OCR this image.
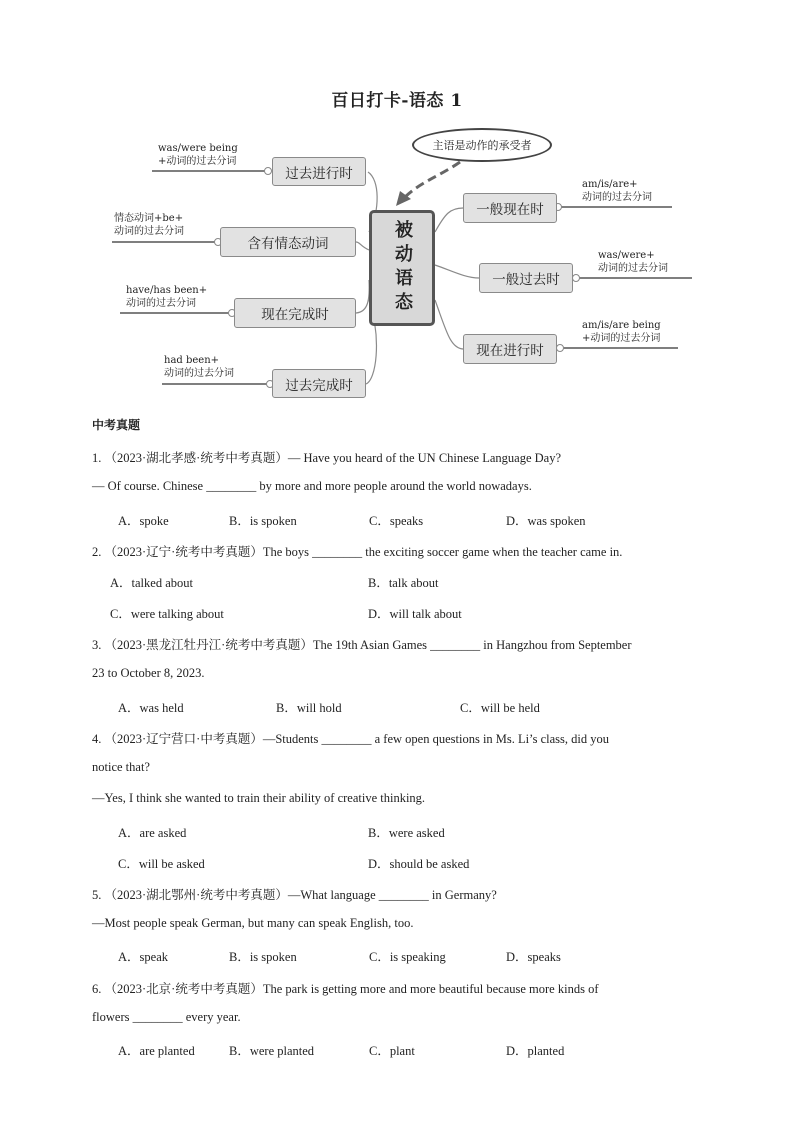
百日打卡-语态 1
主语是动作的承受者
被动语态
过去进行时
was/were being
+动词的过去分词
含有情态动词
情态动词+be+
动词的过去分词
现在完成时
have/has been+
动词的过去分词
过去完成时
had been+
动词的过去分词
一般现在时
am/is/are+
动词的过去分词
一般过去时
was/were+
动词的过去分词
现在进行时
am/is/are being
+动词的过去分词
中考真题
1. （2023·湖北孝感·统考中考真题）— Have you heard of the UN Chinese Language Day?
— Of course. Chinese ________ by more and more people around the world nowadays.
A．spoke	B．is spoken	C．speaks	D．was spoken
2. （2023·辽宁·统考中考真题）The boys ________ the exciting soccer game when the teacher came in.
A．talked about	B．talk about
C．were talking about	D．will talk about
3. （2023·黑龙江牡丹江·统考中考真题）The 19th Asian Games ________ in Hangzhou from September
23 to October 8, 2023.
A．was held	B．will hold	C．will be held
4. （2023·辽宁营口·中考真题）—Students ________ a few open questions in Ms. Li’s class, did you
notice that?
—Yes, I think she wanted to train their ability of creative thinking.
A．are asked	B．were asked
C．will be asked	D．should be asked
5. （2023·湖北鄂州·统考中考真题）—What language ________ in Germany?
—Most people speak German, but many can speak English, too.
A．speak	B．is spoken	C．is speaking	D．speaks
6. （2023·北京·统考中考真题）The park is getting more and more beautiful because more kinds of
flowers ________ every year.
A．are planted	B．were planted	C．plant	D．planted
